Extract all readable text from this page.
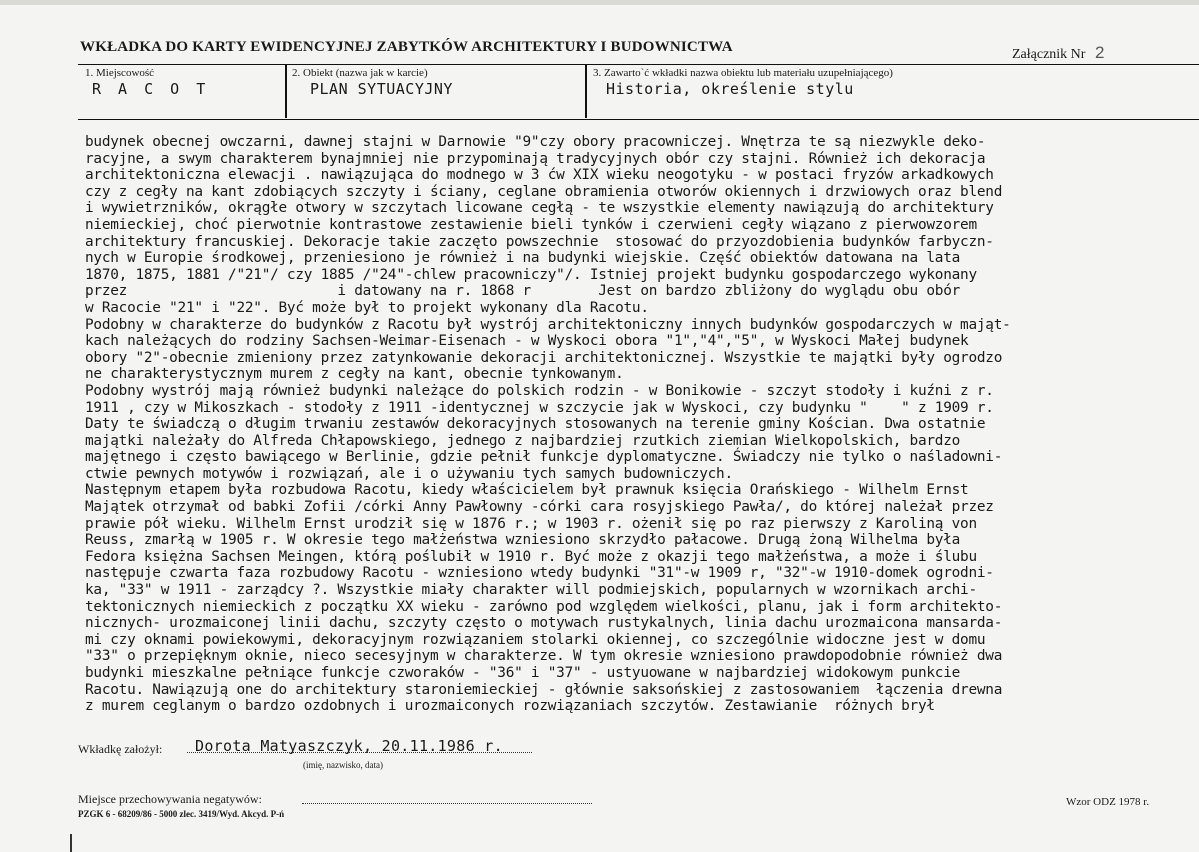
WKŁADKA DO KARTY EWIDENCYJNEJ ZABYTKÓW ARCHITEKTURY I BUDOWNICTWA	Załącznik Nr 2
1. Miejscowość
R A C O T
2. Obiekt (nazwa jak w karcie)
PLAN SYTUACYJNY
3. Zawarto`ć wkładki nazwa obiektu lub materiału uzupełniającego)
Historia, określenie stylu
budynek obecnej owczarni, dawnej stajni w Darnowie "9"czy obory pracowniczej. Wnętrza te są niezwykle deko-
racyjne, a swym charakterem bynajmniej nie przypominają tradycyjnych obór czy stajni. Również ich dekoracja
architektoniczna elewacji . nawiązująca do modnego w 3 ćw XIX wieku neogotyku - w postaci fryzów arkadkowych
czy z cegły na kant zdobiących szczyty i ściany, ceglane obramienia otworów okiennych i drzwiowych oraz blend
i wywietrzników, okrągłe otwory w szczytach licowane cegłą - te wszystkie elementy nawiązują do architektury
niemieckiej, choć pierwotnie kontrastowe zestawienie bieli tynków i czerwieni cegły wiązano z pierwowzorem
architektury francuskiej. Dekoracje takie zaczęto powszechnie  stosować do przyozdobienia budynków farbyczn-
nych w Europie środkowej, przeniesiono je również i na budynki wiejskie. Część obiektów datowana na lata
1870, 1875, 1881 /"21"/ czy 1885 /"24"-chlew pracowniczy"/. Istniej projekt budynku gospodarczego wykonany
przez                         i datowany na r. 1868 r        Jest on bardzo zbliżony do wyglądu obu obór
w Racocie "21" i "22". Być może był to projekt wykonany dla Racotu.
Podobny w charakterze do budynków z Racotu był wystrój architektoniczny innych budynków gospodarczych w mająt-
kach należących do rodziny Sachsen-Weimar-Eisenach - w Wyskoci obora "1","4","5", w Wyskoci Małej budynek
obory "2"-obecnie zmieniony przez zatynkowanie dekoracji architektonicznej. Wszystkie te majątki były ogrodzo
ne charakterystycznym murem z cegły na kant, obecnie tynkowanym.
Podobny wystrój mają również budynki należące do polskich rodzin - w Bonikowie - szczyt stodoły i kuźni z r.
1911 , czy w Mikoszkach - stodoły z 1911 -identycznej w szczycie jak w Wyskoci, czy budynku "    " z 1909 r.
Daty te świadczą o długim trwaniu zestawów dekoracyjnych stosowanych na terenie gminy Kościan. Dwa ostatnie
majątki należały do Alfreda Chłapowskiego, jednego z najbardziej rzutkich ziemian Wielkopolskich, bardzo
majętnego i często bawiącego w Berlinie, gdzie pełnił funkcje dyplomatyczne. Świadczy nie tylko o naśladowni-
ctwie pewnych motywów i rozwiązań, ale i o używaniu tych samych budowniczych.
Następnym etapem była rozbudowa Racotu, kiedy właścicielem był prawnuk księcia Orańskiego - Wilhelm Ernst
Majątek otrzymał od babki Zofii /córki Anny Pawłowny -córki cara rosyjskiego Pawła/, do której należał przez
prawie pół wieku. Wilhelm Ernst urodził się w 1876 r.; w 1903 r. ożenił się po raz pierwszy z Karoliną von
Reuss, zmarłą w 1905 r. W okresie tego małżeństwa wzniesiono skrzydło pałacowe. Drugą żoną Wilhelma była
Fedora księżna Sachsen Meingen, którą poślubił w 1910 r. Być może z okazji tego małżeństwa, a może i ślubu
następuje czwarta faza rozbudowy Racotu - wzniesiono wtedy budynki "31"-w 1909 r, "32"-w 1910-domek ogrodni-
ka, "33" w 1911 - zarządcy ?. Wszystkie miały charakter will podmiejskich, popularnych w wzornikach archi-
tektonicznych niemieckich z początku XX wieku - zarówno pod względem wielkości, planu, jak i form architekto-
nicznych- urozmaiconej linii dachu, szczyty często o motywach rustykalnych, linia dachu urozmaicona mansarda-
mi czy oknami powiekowymi, dekoracyjnym rozwiązaniem stolarki okiennej, co szczególnie widoczne jest w domu
"33" o przepięknym oknie, nieco secesyjnym w charakterze. W tym okresie wzniesiono prawdopodobnie również dwa
budynki mieszkalne pełniące funkcje czworaków - "36" i "37" - ustyuowane w najbardziej widokowym punkcie
Racotu. Nawiązują one do architektury staroniemieckiej - głównie saksońskiej z zastosowaniem  łączenia drewna
z murem ceglanym o bardzo ozdobnych i urozmaiconych rozwiązaniach szczytów. Zestawianie  różnych brył
Wkładkę założył: Dorota Matyaszczyk, 20.11.1986 r.
(imię, nazwisko, data)
Miejsce przechowywania negatywów:
PZGK 6 - 68209/86 - 5000 zlec. 3419/Wyd. Akcyd. P-ń
Wzor ODZ 1978 r.
